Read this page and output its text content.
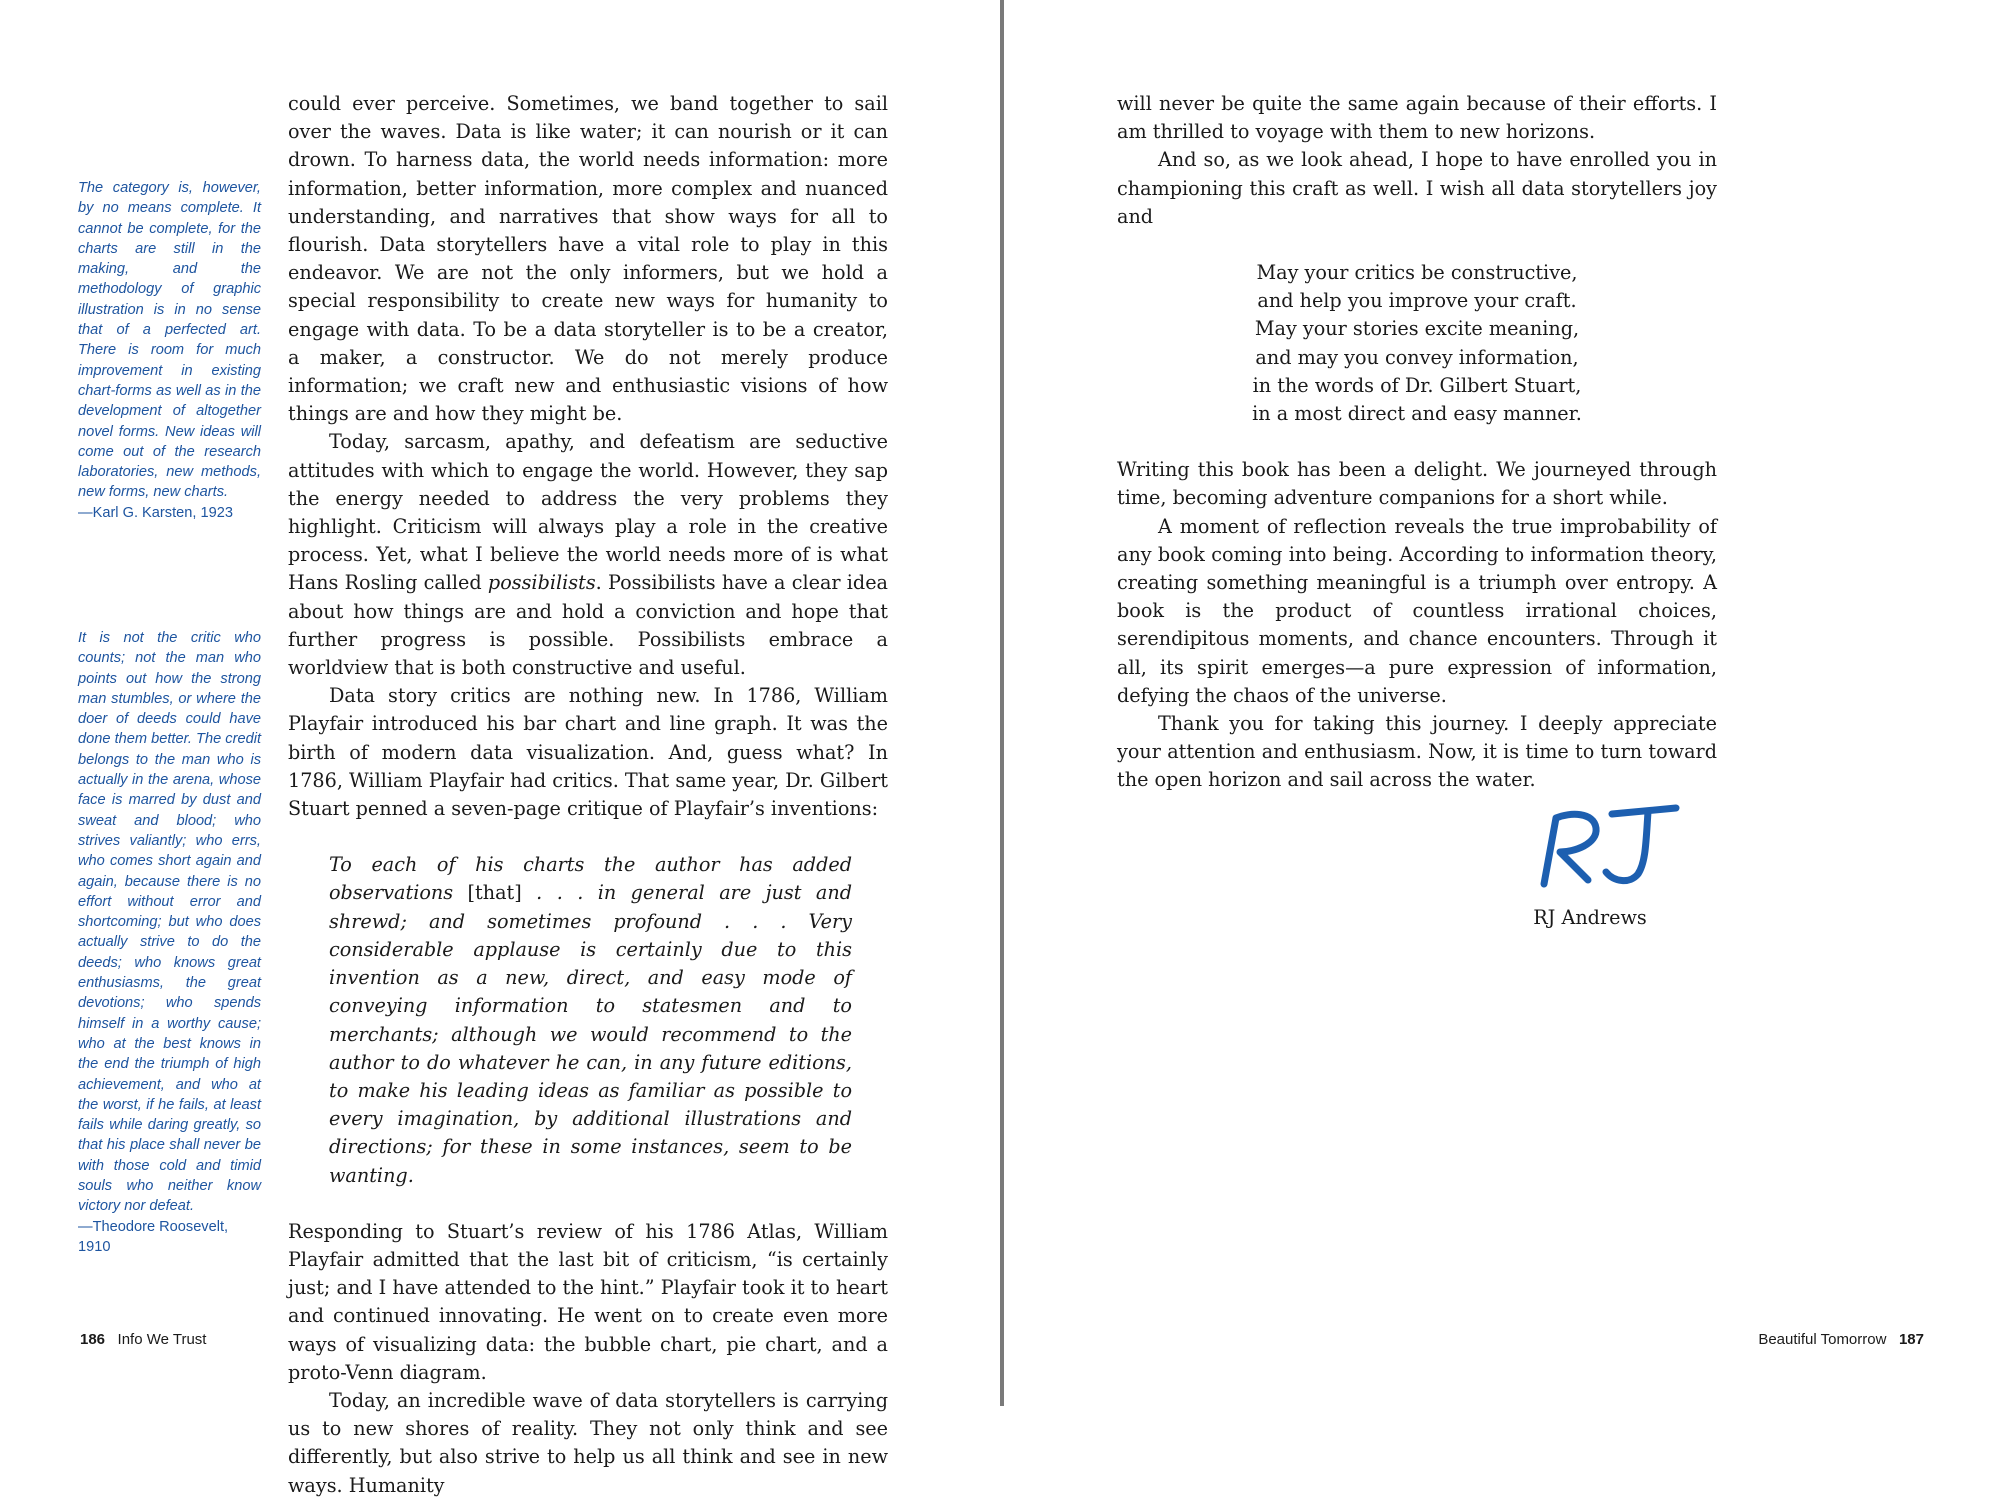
The category is, however, by no means complete. It cannot be complete, for the charts are still in the making, and the methodology of graphic illustration is in no sense that of a perfected art. There is room for much improvement in existing chart-forms as well as in the development of altogether novel forms. New ideas will come out of the research laboratories, new methods, new forms, new charts.
—Karl G. Karsten, 1923
It is not the critic who counts; not the man who points out how the strong man stumbles, or where the doer of deeds could have done them better. The credit belongs to the man who is actually in the arena, whose face is marred by dust and sweat and blood; who strives valiantly; who errs, who comes short again and again, because there is no effort without error and shortcoming; but who does actually strive to do the deeds; who knows great enthusiasms, the great devotions; who spends himself in a worthy cause; who at the best knows in the end the triumph of high achievement, and who at the worst, if he fails, at least fails while daring greatly, so that his place shall never be with those cold and timid souls who neither know victory nor defeat.
—Theodore Roosevelt, 1910

could ever perceive. Sometimes, we band together to sail over the waves. Data is like water; it can nourish or it can drown. To harness data, the world needs information: more information, better information, more complex and nuanced understanding, and narratives that show ways for all to flourish. Data storytellers have a vital role to play in this endeavor. We are not the only informers, but we hold a special responsibility to create new ways for humanity to engage with data. To be a data storyteller is to be a creator, a maker, a constructor. We do not merely produce information; we craft new and enthusiastic visions of how things are and how they might be.

Today, sarcasm, apathy, and defeatism are seductive attitudes with which to engage the world. However, they sap the energy needed to address the very problems they highlight. Criticism will always play a role in the creative process. Yet, what I believe the world needs more of is what Hans Rosling called possibilists. Possibilists have a clear idea about how things are and hold a conviction and hope that further progress is possible. Possibilists embrace a worldview that is both constructive and useful.

Data story critics are nothing new. In 1786, William Playfair introduced his bar chart and line graph. It was the birth of modern data visualization. And, guess what? In 1786, William Playfair had critics. That same year, Dr. Gilbert Stuart penned a seven-page critique of Playfair’s inventions:

To each of his charts the author has added observations [that] . . . in general are just and shrewd; and sometimes profound . . . Very considerable applause is certainly due to this invention as a new, direct, and easy mode of conveying information to statesmen and to merchants; although we would recommend to the author to do whatever he can, in any future editions, to make his leading ideas as familiar as possible to every imagination, by additional illustrations and directions; for these in some instances, seem to be wanting.

Responding to Stuart’s review of his 1786 Atlas, William Playfair admitted that the last bit of criticism, “is certainly just; and I have attended to the hint.” Playfair took it to heart and continued innovating. He went on to create even more ways of visualizing data: the bubble chart, pie chart, and a proto-Venn diagram.

Today, an incredible wave of data storytellers is carrying us to new shores of reality. They not only think and see differently, but also strive to help us all think and see in new ways. Humanity

186 Info We Trust

will never be quite the same again because of their efforts. I am thrilled to voyage with them to new horizons.

And so, as we look ahead, I hope to have enrolled you in championing this craft as well. I wish all data storytellers joy and

May your critics be constructive,
and help you improve your craft.
May your stories excite meaning,
and may you convey information,
in the words of Dr. Gilbert Stuart,
in a most direct and easy manner.

Writing this book has been a delight. We journeyed through time, becoming adventure companions for a short while.

A moment of reflection reveals the true improbability of any book coming into being. According to information theory, creating something meaningful is a triumph over entropy. A book is the product of countless irrational choices, serendipitous moments, and chance encounters. Through it all, its spirit emerges—a pure expression of information, defying the chaos of the universe.

Thank you for taking this journey. I deeply appreciate your attention and enthusiasm. Now, it is time to turn toward the open horizon and sail across the water.

RJ Andrews
Beautiful Tomorrow 187
